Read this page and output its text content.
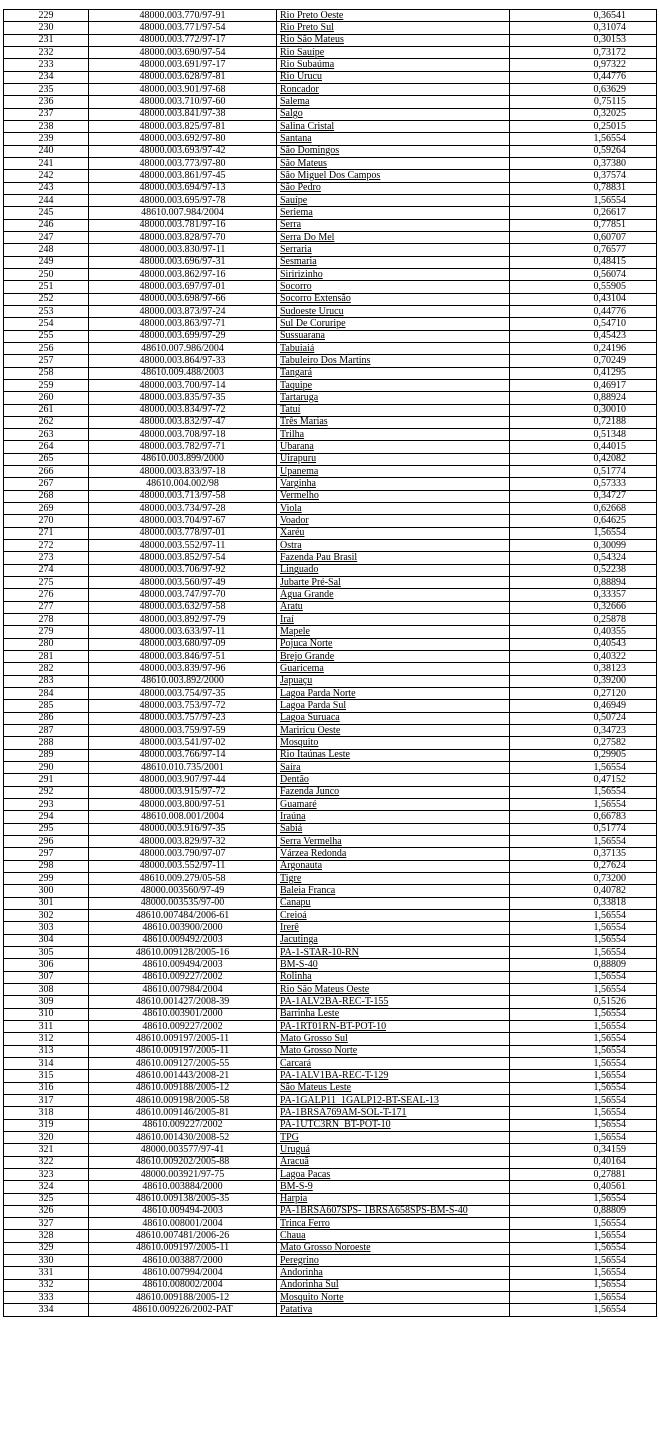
229	48000.003.770/97-91	Rio Preto Oeste	0,36541
230	48000.003.771/97-54	Rio Preto Sul	0,31074
231	48000.003.772/97-17	Rio São Mateus	0,30153
232	48000.003.690/97-54	Rio Sauípe	0,73172
233	48000.003.691/97-17	Rio Subaúma	0,97322
234	48000.003.628/97-81	Rio Urucu	0,44776
235	48000.003.901/97-68	Roncador	0,63629
236	48000.003.710/97-60	Salema	0,75115
237	48000.003.841/97-38	Salgo	0,32025
238	48000.003.825/97-81	Salina Cristal	0,25015
239	48000.003.692/97-80	Santana	1,56554
240	48000.003.693/97-42	São Domingos	0,59264
241	48000.003.773/97-80	São Mateus	0,37380
242	48000.003.861/97-45	São Miguel Dos Campos	0,37574
243	48000.003.694/97-13	São Pedro	0,78831
244	48000.003.695/97-78	Sauípe	1,56554
245	48610.007.984/2004	Seriema	0,26617
246	48000.003.781/97-16	Serra	0,77851
247	48000.003.828/97-70	Serra Do Mel	0,60707
248	48000.003.830/97-11	Serraria	0,76577
249	48000.003.696/97-31	Sesmaria	0,48415
250	48000.003.862/97-16	Siririzinho	0,56074
251	48000.003.697/97-01	Socorro	0,55905
252	48000.003.698/97-66	Socorro Extensão	0,43104
253	48000.003.873/97-24	Sudoeste Urucu	0,44776
254	48000.003.863/97-71	Sul De Coruripe	0,54710
255	48000.003.699/97-29	Sussuarana	0,45423
256	48610.007.986/2004	Tabuiaiá	0,24196
257	48000.003.864/97-33	Tabuleiro Dos Martins	0,70249
258	48610.009.488/2003	Tangará	0,41295
259	48000.003.700/97-14	Taquipe	0,46917
260	48000.003.835/97-35	Tartaruga	0,88924
261	48000.003.834/97-72	Tatuí	0,30010
262	48000.003.832/97-47	Três Marias	0,72188
263	48000.003.708/97-18	Trilha	0,51348
264	48000.003.782/97-71	Ubarana	0,44015
265	48610.003.899/2000	Uirapuru	0,42082
266	48000.003.833/97-18	Upanema	0,51774
267	48610.004.002/98	Varginha	0,57333
268	48000.003.713/97-58	Vermelho	0,34727
269	48000.003.734/97-28	Viola	0,62668
270	48000.003.704/97-67	Voador	0,64625
271	48000.003.778/97-01	Xaréu	1,56554
272	48000.003.552/97-11	Ostra	0,30099
273	48000.003.852/97-54	Fazenda Pau Brasil	0,54324
274	48000.003.706/97-92	Linguado	0,52238
275	48000.003.560/97-49	Jubarte Pré-Sal	0,88894
276	48000.003.747/97-70	Água Grande	0,33357
277	48000.003.632/97-58	Aratu	0,32666
278	48000.003.892/97-79	Iraí	0,25878
279	48000.003.633/97-11	Mapele	0,40355
280	48000.003.680/97-09	Pojuca Norte	0,40543
281	48000.003.846/97-51	Brejo Grande	0,40322
282	48000.003.839/97-96	Guaricema	0,38123
283	48610.003.892/2000	Japuaçu	0,39200
284	48000.003.754/97-35	Lagoa Parda Norte	0,27120
285	48000.003.753/97-72	Lagoa Parda Sul	0,46949
286	48000.003.757/97-23	Lagoa Suruaca	0,50724
287	48000.003.759/97-59	Mariricu Oeste	0,34723
288	48000.003.541/97-02	Mosquito	0,27582
289	48000.003.766/97-14	Rio Itaúnas Leste	0,29905
290	48610.010.735/2001	Saíra	1,56554
291	48000.003.907/97-44	Dentão	0,47152
292	48000.003.915/97-72	Fazenda Junco	1,56554
293	48000.003.800/97-51	Guamaré	1,56554
294	48610.008.001/2004	Iraúna	0,66783
295	48000.003.916/97-35	Sabiá	0,51774
296	48000.003.829/97-32	Serra Vermelha	1,56554
297	48000.003.790/97-07	Várzea Redonda	0,37135
298	48000.003.552/97-11	Argonauta	0,27624
299	48610.009.279/05-58	Tigre	0,73200
300	48000.003560/97-49	Baleia Franca	0,40782
301	48000.003535/97-00	Canapu	0,33818
302	48610.007484/2006-61	Creioá	1,56554
303	48610.003900/2000	Irerê	1,56554
304	48610.009492/2003	Jacutinga	1,56554
305	48610.009128/2005-16	PA-1-STAR-10-RN	1,56554
306	48610.009494/2003	BM-S-40	0,88809
307	48610.009227/2002	Rolinha	1,56554
308	48610.007984/2004	Rio São Mateus Oeste	1,56554
309	48610.001427/2008-39	PA-1ALV2BA-REC-T-155	0,51526
310	48610.003901/2000	Barrinha Leste	1,56554
311	48610.009227/2002	PA-1RT01RN-BT-POT-10	1,56554
312	48610.009197/2005-11	Mato Grosso Sul	1,56554
313	48610.009197/2005-11	Mato Grosso Norte	1,56554
314	48610.009127/2005-55	Carcará	1,56554
315	48610.001443/2008-21	PA-1ALV1BA-REC-T-129	1,56554
316	48610.009188/2005-12	São Mateus Leste	1,56554
317	48610.009198/2005-58	PA-1GALP11_1GALP12-BT-SEAL-13	1,56554
318	48610.009146/2005-81	PA-1BRSA769AM-SOL-T-171	1,56554
319	48610.009227/2002	PA-1UTC3RN_BT-POT-10	1,56554
320	48610.001430/2008-52	TPG	1,56554
321	48000.003577/97-41	Uruguá	0,34159
322	48610.009202/2005-88	Aracuã	0,40164
323	48000.003921/97-75	Lagoa Pacas	0,27881
324	48610.003884/2000	BM-S-9	0,40561
325	48610.009138/2005-35	Harpia	1,56554
326	48610.009494-2003	PA-1BRSA607SPS- 1BRSA658SPS-BM-S-40	0,88809
327	48610.008001/2004	Trinca Ferro	1,56554
328	48610.007481/2006-26	Chaua	1,56554
329	48610.009197/2005-11	Mato Grosso Noroeste	1,56554
330	48610.003887/2000	Peregrino	1,56554
331	48610.007994/2004	Andorinha	1,56554
332	48610.008002/2004	Andorinha Sul	1,56554
333	48610.009188/2005-12	Mosquito Norte	1,56554
334	48610.009226/2002-PAT	Patativa	1,56554
